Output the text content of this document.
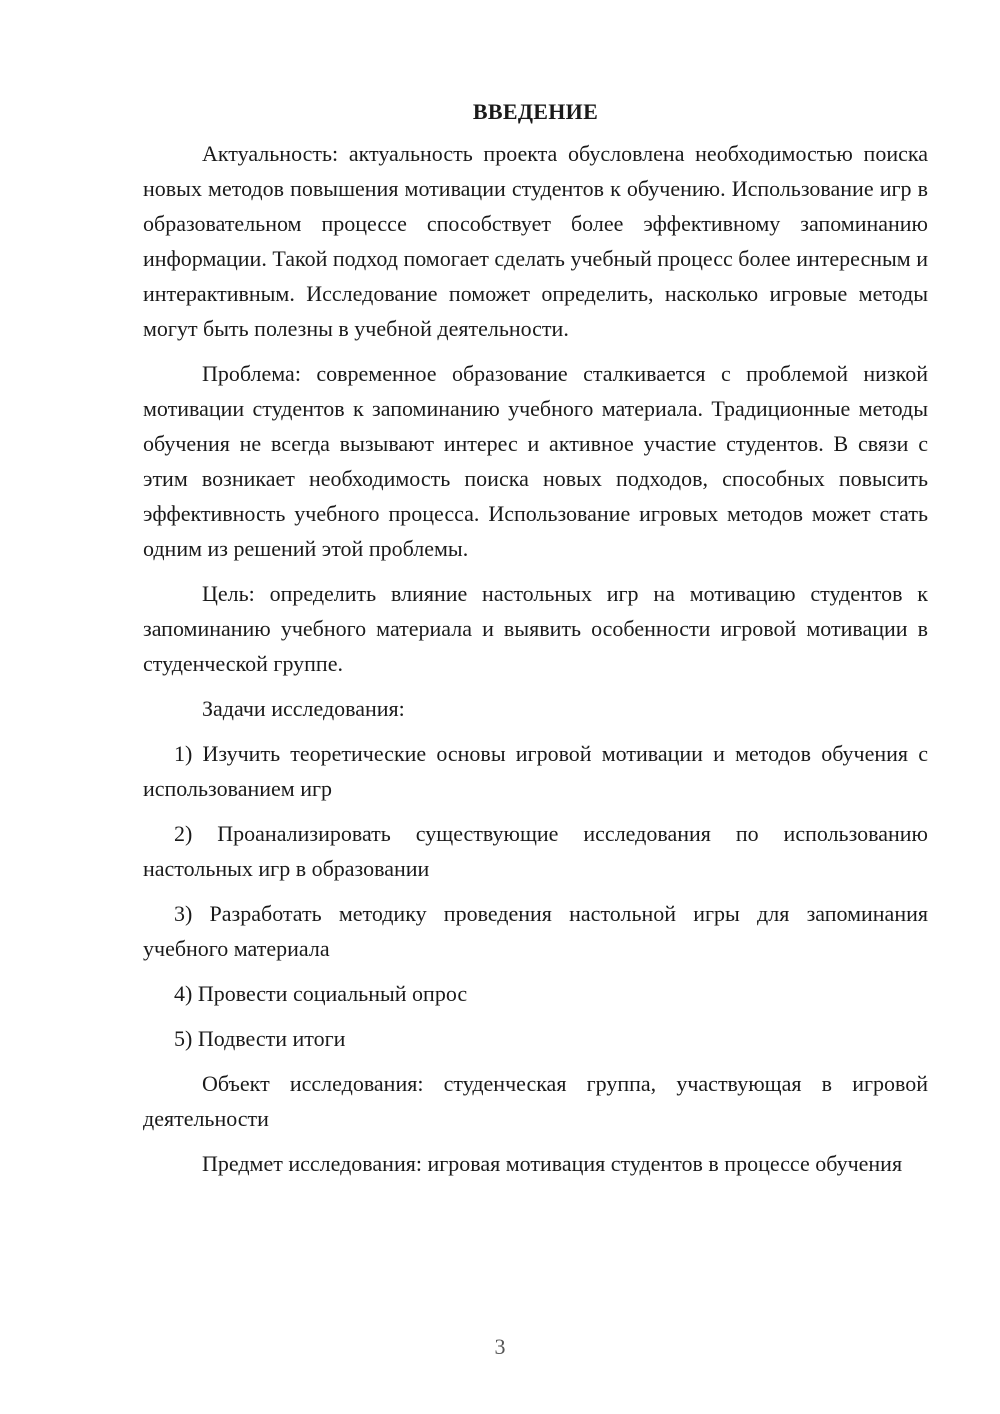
ВВЕДЕНИЕ

Актуальность: актуальность проекта обусловлена необходимостью поиска новых методов повышения мотивации студентов к обучению. Использование игр в образовательном процессе способствует более эффективному запоминанию информации. Такой подход помогает сделать учебный процесс более интересным и интерактивным. Исследование поможет определить, насколько игровые методы могут быть полезны в учебной деятельности.

Проблема: современное образование сталкивается с проблемой низкой мотивации студентов к запоминанию учебного материала. Традиционные методы обучения не всегда вызывают интерес и активное участие студентов. В связи с этим возникает необходимость поиска новых подходов, способных повысить эффективность учебного процесса. Использование игровых методов может стать одним из решений этой проблемы.

Цель: определить влияние настольных игр на мотивацию студентов к запоминанию учебного материала и выявить особенности игровой мотивации в студенческой группе.

Задачи исследования:

1) Изучить теоретические основы игровой мотивации и методов обучения с использованием игр

2) Проанализировать существующие исследования по использованию настольных игр в образовании

3) Разработать методику проведения настольной игры для запоминания учебного материала

4) Провести социальный опрос

5) Подвести итоги

Объект исследования: студенческая группа, участвующая в игровой деятельности

Предмет исследования: игровая мотивация студентов в процессе обучения

3
